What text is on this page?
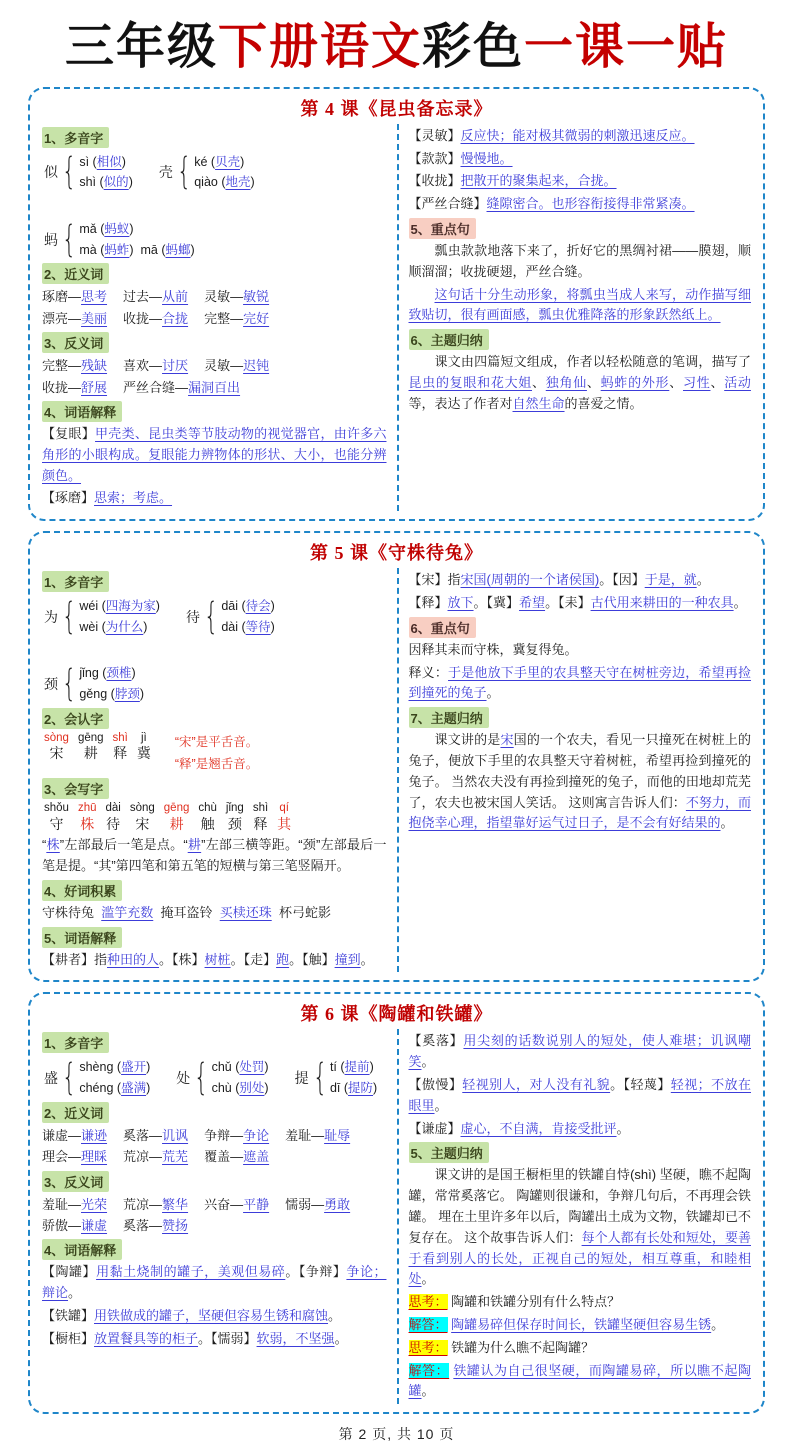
三年级下册语文彩色一课一贴
第 4 课《昆虫备忘录》
1、多音字
似 { sì (相似)
shì (似的)
壳 { ké (贝壳)
qiào (地壳)
蚂 { mǎ (蚂蚁)
mà (蚂蚱)  mā (蚂螂)
2、近义词
琢磨—思考 过去—从前 灵敏—敏锐
漂亮—美丽 收拢—合拢 完整—完好
3、反义词
完整—残缺 喜欢—讨厌 灵敏—迟钝
收拢—舒展 严丝合缝—漏洞百出
4、词语解释
【复眼】甲壳类、昆虫类等节肢动物的视觉器官，由许多六角形的小眼构成。复眼能力辨物体的形状、大小，也能分辨颜色。
【琢磨】思索；考虑。
【灵敏】反应快；能对极其微弱的刺激迅速反应。
【款款】慢慢地。
【收拢】把散开的聚集起来，合拢。
【严丝合缝】缝隙密合。也形容衔接得非常紧凑。
5、重点句
瓢虫款款地落下来了，折好它的黑绸衬裙——膜翅，顺顺溜溜；收拢硬翅，严丝合缝。
这句话十分生动形象，将瓢虫当成人来写，动作描写细致贴切，很有画面感，瓢虫优雅降落的形象跃然纸上。
6、主题归纳
课文由四篇短文组成，作者以轻松随意的笔调，描写了昆虫的复眼和花大姐、独角仙、蚂蚱的外形、习性、活动等，表达了作者对自然生命的喜爱之情。
第 5 课《守株待兔》
1、多音字
为 { wéi (四海为家)
wèi (为什么)
待 { dāi (待会)
dài (等待)
颈 { jǐng (颈椎)
gěng (脖颈)
2、会认字
sòng
宋
gēng
耕
shì
释
jì
冀
“宋”是平舌音。
“释”是翘舌音。
3、会写字
shǒu
守
zhū
株
dài
待
sòng
宋
gēng
耕
chù
触
jǐng
颈
shì
释
qí
其
“株”左部最后一笔是点。“耕”左部三横等距。“颈”左部最后一笔是提。“其”第四笔和第五笔的短横与第三笔竖隔开。
4、好词积累
守株待兔  滥竽充数  掩耳盗铃  买椟还珠  杯弓蛇影
5、词语解释
【耕者】指种田的人。【株】树桩。【走】跑。【触】撞到。
【宋】指宋国(周朝的一个诸侯国)。【因】于是，就。
【释】放下。【冀】希望。【耒】古代用来耕田的一种农具。
6、重点句
因释其耒而守株，冀复得兔。
释义：于是他放下手里的农具整天守在树桩旁边，希望再捡到撞死的兔子。
7、主题归纳
课文讲的是宋国的一个农夫，看见一只撞死在树桩上的兔子，便放下手里的农具整天守着树桩，希望再捡到撞死的兔子。 当然农夫没有再捡到撞死的兔子，而他的田地却荒芜了，农夫也被宋国人笑话。 这则寓言告诉人们：不努力，而抱侥幸心理，指望靠好运气过日子，是不会有好结果的。
第 6 课《陶罐和铁罐》
1、多音字
盛 { shèng (盛开)
chéng (盛满)
处 { chǔ (处罚)
chù (别处)
提 { tí (提前)
dī (提防)
2、近义词
谦虚—谦逊 奚落—讥讽 争辩—争论 羞耻—耻辱
理会—理睬 荒凉—荒芜 覆盖—遮盖
3、反义词
羞耻—光荣 荒凉—繁华 兴奋—平静 懦弱—勇敢
骄傲—谦虚 奚落—赞扬
4、词语解释
【陶罐】用黏土烧制的罐子，美观但易碎。【争辩】争论；辩论。
【铁罐】用铁做成的罐子，坚硬但容易生锈和腐蚀。
【橱柜】放置餐具等的柜子。【懦弱】软弱，不坚强。
【奚落】用尖刻的话数说别人的短处，使人难堪；讥讽嘲笑。
【傲慢】轻视别人，对人没有礼貌。【轻蔑】轻视；不放在眼里。
【谦虚】虚心，不自满，肯接受批评。
5、主题归纳
课文讲的是国王橱柜里的铁罐自恃(shì) 坚硬，瞧不起陶罐，常常奚落它。 陶罐则很谦和，争辩几句后，不再理会铁罐。 埋在土里许多年以后，陶罐出土成为文物，铁罐却已不复存在。 这个故事告诉人们：每个人都有长处和短处，要善于看到别人的长处，正视自己的短处，相互尊重，和睦相处。
思考： 陶罐和铁罐分别有什么特点？
解答： 陶罐易碎但保存时间长，铁罐坚硬但容易生锈。
思考： 铁罐为什么瞧不起陶罐？
解答： 铁罐认为自己很坚硬，而陶罐易碎，所以瞧不起陶罐。
第 2 页, 共 10 页
